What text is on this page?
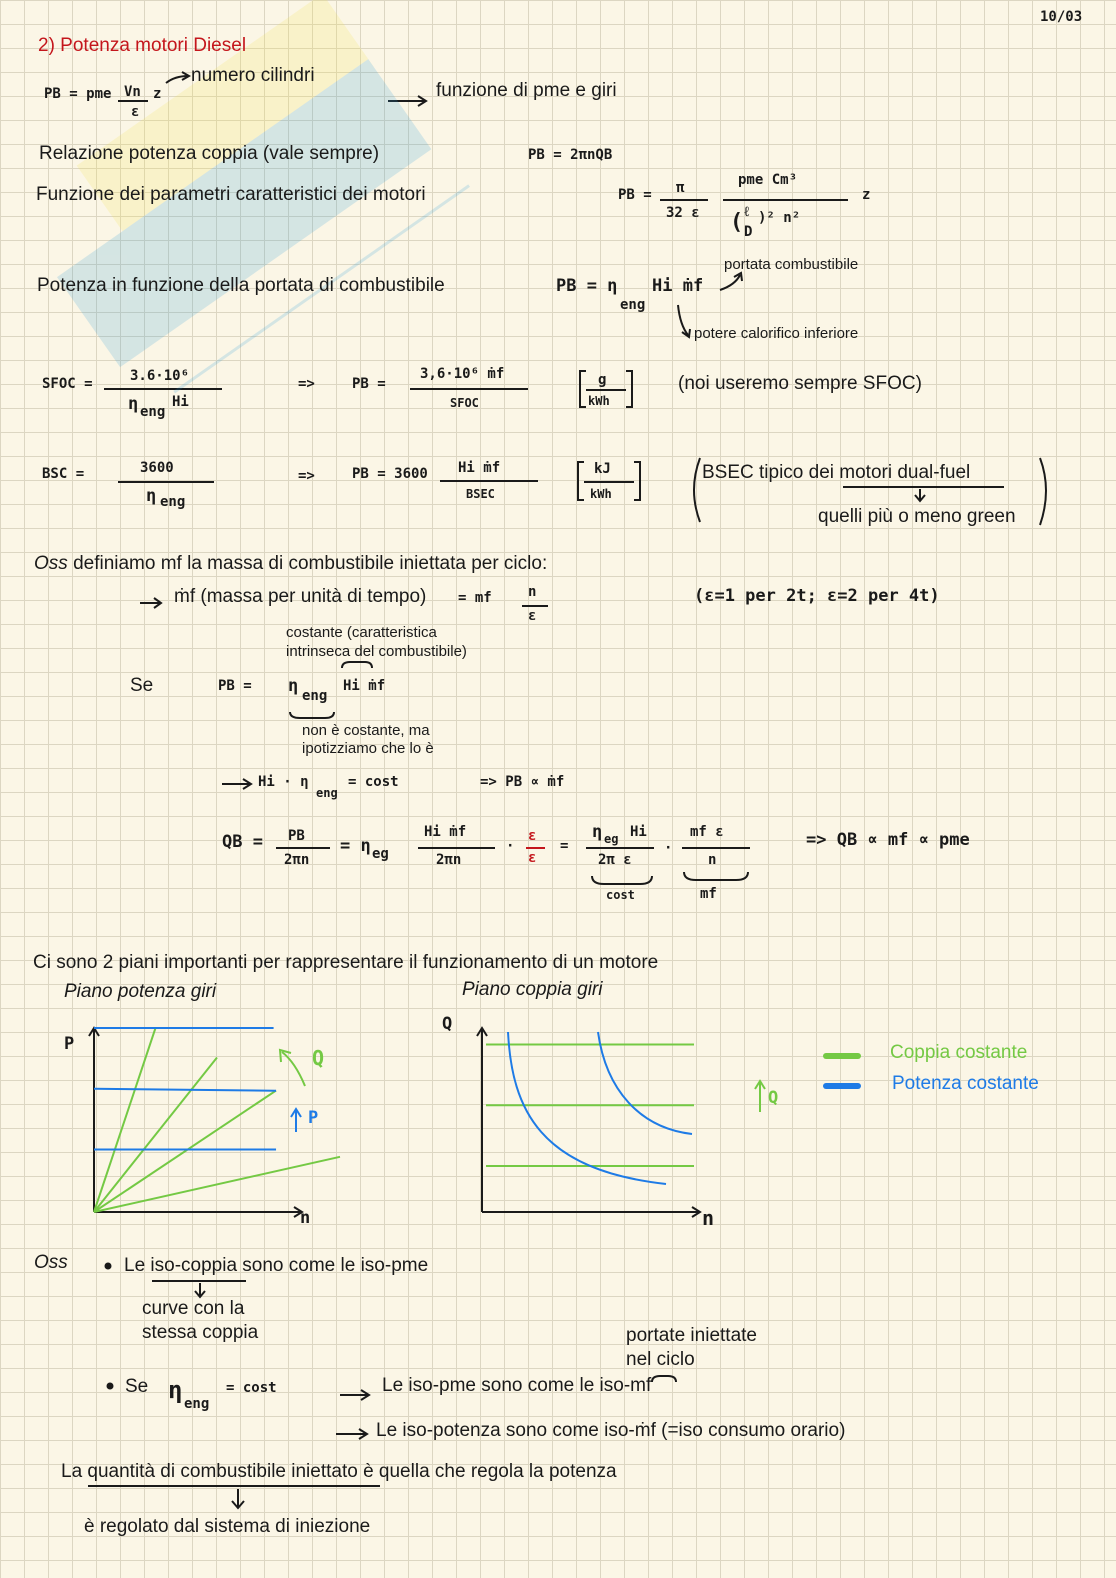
10/03
2) Potenza motori Diesel
PB = pme Vn
ε
z
numero cilindri
funzione di pme e giri
Relazione potenza coppia (vale sempre)	PB = 2πnQB
Funzione dei parametri caratteristici dei motori	PB = π
32 ε
pme Cm³
( ℓ
D
)² n²
z
Potenza in funzione della portata di combustibile	PB = η
eng
Hi ṁf
portata combustibile
potere calorifico inferiore
SFOC =	3.6·10⁶
η eng
Hi
=>	PB =
3,6·10⁶ ṁf
SFOC
g
kWh
(noi useremo sempre SFOC)
BSC =	3600
η eng
=>	PB = 3600 Hi ṁf
BSEC
kJ
kWh
BSEC tipico dei motori dual-fuel
quelli più o meno green
Oss definiamo mf la massa di combustibile iniettata per ciclo:
ṁf (massa per unità di tempo) = mf	n
ε
(ε=1 per 2t; ε=2 per 4t)
costante (caratteristica
intrinseca del combustibile)
Se	PB = η eng
Hi ṁf
non è costante, ma
ipotizziamo che lo è
Hi · η
eng
= cost	=> PB ∝ ṁf
QB = PB
2πn
= η eg
Hi ṁf
2πn
·
ε
ε
=
η eg Hi
2π ε
cost
·
mf ε
n
mf
=> QB ∝ mf ∝ pme
Ci sono 2 piani importanti per rappresentare il funzionamento di un motore
Piano potenza giri	Piano coppia giri
P
n
Q
P
Q
n
Q
Coppia costante
Potenza costante
Oss	Le iso-coppia sono come le iso-pme
curve con la
stessa coppia	portate iniettate
nel ciclo
Se η eng
= cost	Le iso-pme sono come le iso-mf
Le iso-potenza sono come iso-ṁf (=iso consumo orario)
La quantità di combustibile iniettato è quella che regola la potenza
è regolato dal sistema di iniezione
